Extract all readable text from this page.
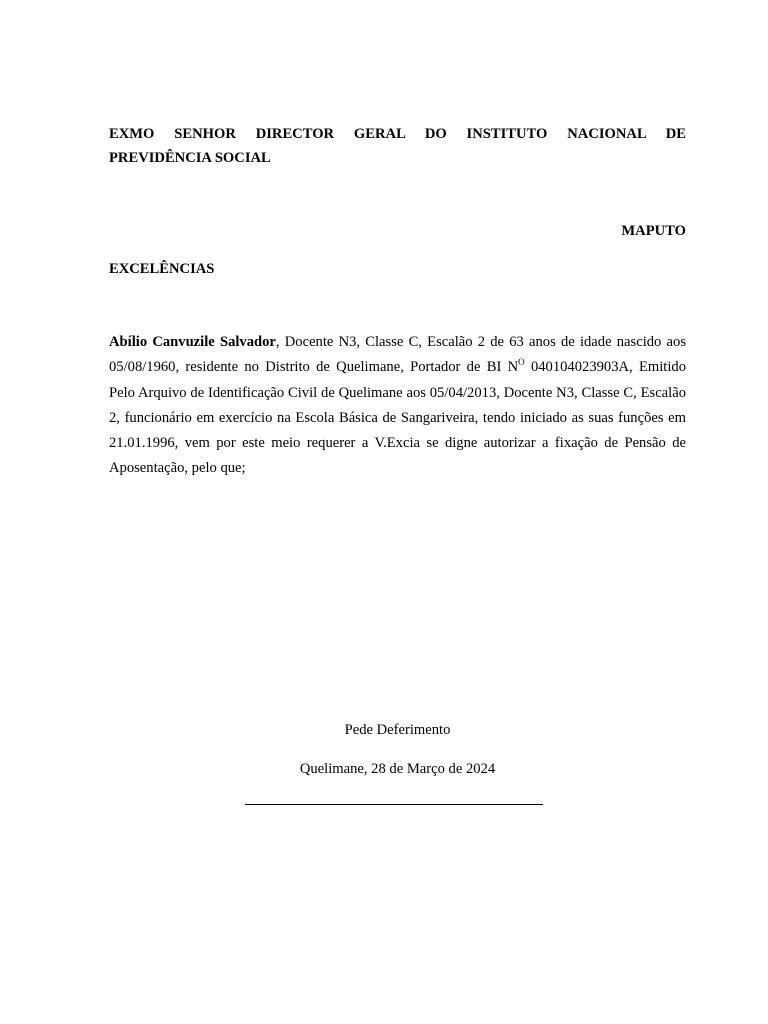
EXMO SENHOR DIRECTOR GERAL DO INSTITUTO NACIONAL DE
PREVIDÊNCIA SOCIAL
MAPUTO
EXCELÊNCIAS

Abílio Canvuzile Salvador, Docente N3, Classe C, Escalão 2 de 63 anos de idade nascido aos 05/08/1960, residente no Distrito de Quelimane, Portador de BI $N^O$ 040104023903A, Emitido Pelo Arquivo de Identificação Civil de Quelimane aos 05/04/2013, Docente N3, Classe C, Escalão 2, funcionário em exercício na Escola Básica de Sangariveira, tendo iniciado as suas funções em 21.01.1996, vem por este meio requerer a V.Excia se digne autorizar a fixação de Pensão de Aposentação, pelo que;

Pede Deferimento
Quelimane, 28 de Março de 2024
